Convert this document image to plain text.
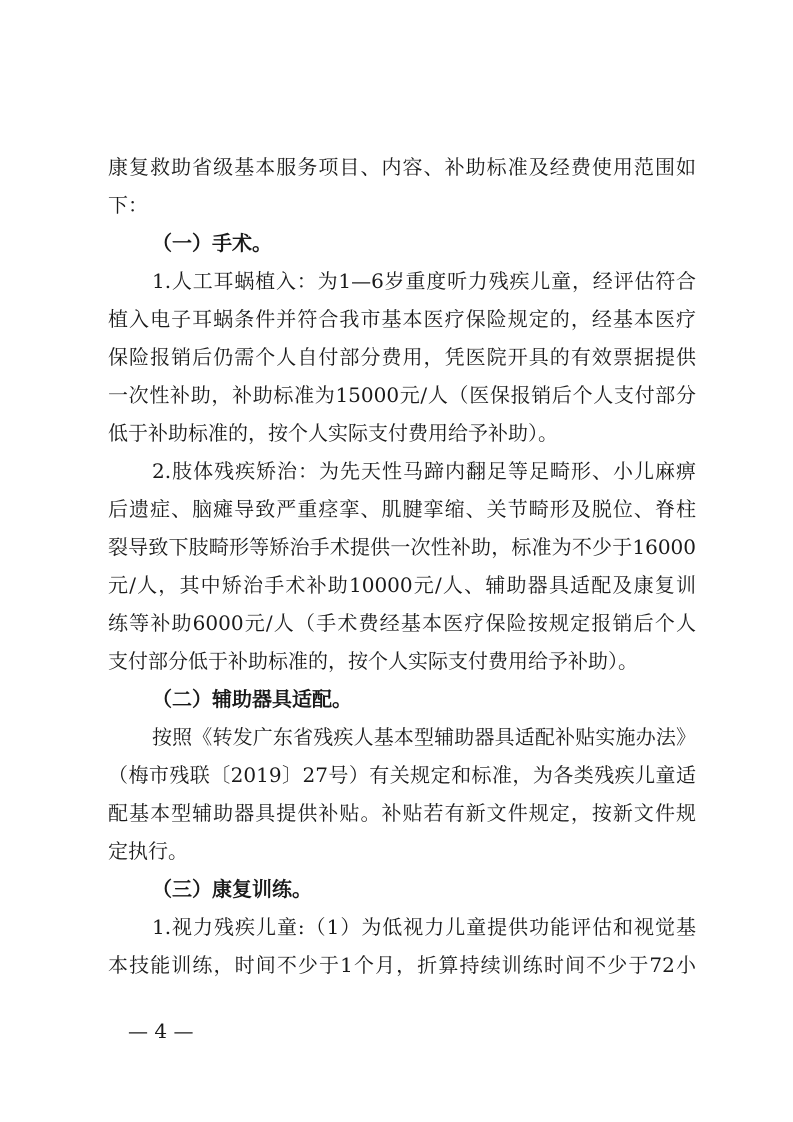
康复救助省级基本服务项目、内容、补助标准及经费使用范围如
下：
（一）手术。
1.人工耳蜗植入：为1—6岁重度听力残疾儿童，经评估符合
植入电子耳蜗条件并符合我市基本医疗保险规定的，经基本医疗
保险报销后仍需个人自付部分费用，凭医院开具的有效票据提供
一次性补助，补助标准为15000元/人（医保报销后个人支付部分
低于补助标准的，按个人实际支付费用给予补助）。
2.肢体残疾矫治：为先天性马蹄内翻足等足畸形、小儿麻痹
后遗症、脑瘫导致严重痉挛、肌腱挛缩、关节畸形及脱位、脊柱
裂导致下肢畸形等矫治手术提供一次性补助，标准为不少于16000
元/人，其中矫治手术补助10000元/人、辅助器具适配及康复训
练等补助6000元/人（手术费经基本医疗保险按规定报销后个人
支付部分低于补助标准的，按个人实际支付费用给予补助）。
（二）辅助器具适配。
按照《转发广东省残疾人基本型辅助器具适配补贴实施办法》
（梅市残联〔2019〕27号）有关规定和标准，为各类残疾儿童适
配基本型辅助器具提供补贴。补贴若有新文件规定，按新文件规
定执行。
（三）康复训练。
1.视力残疾儿童:（1）为低视力儿童提供功能评估和视觉基
本技能训练，时间不少于1个月，折算持续训练时间不少于72小
— 4 —
